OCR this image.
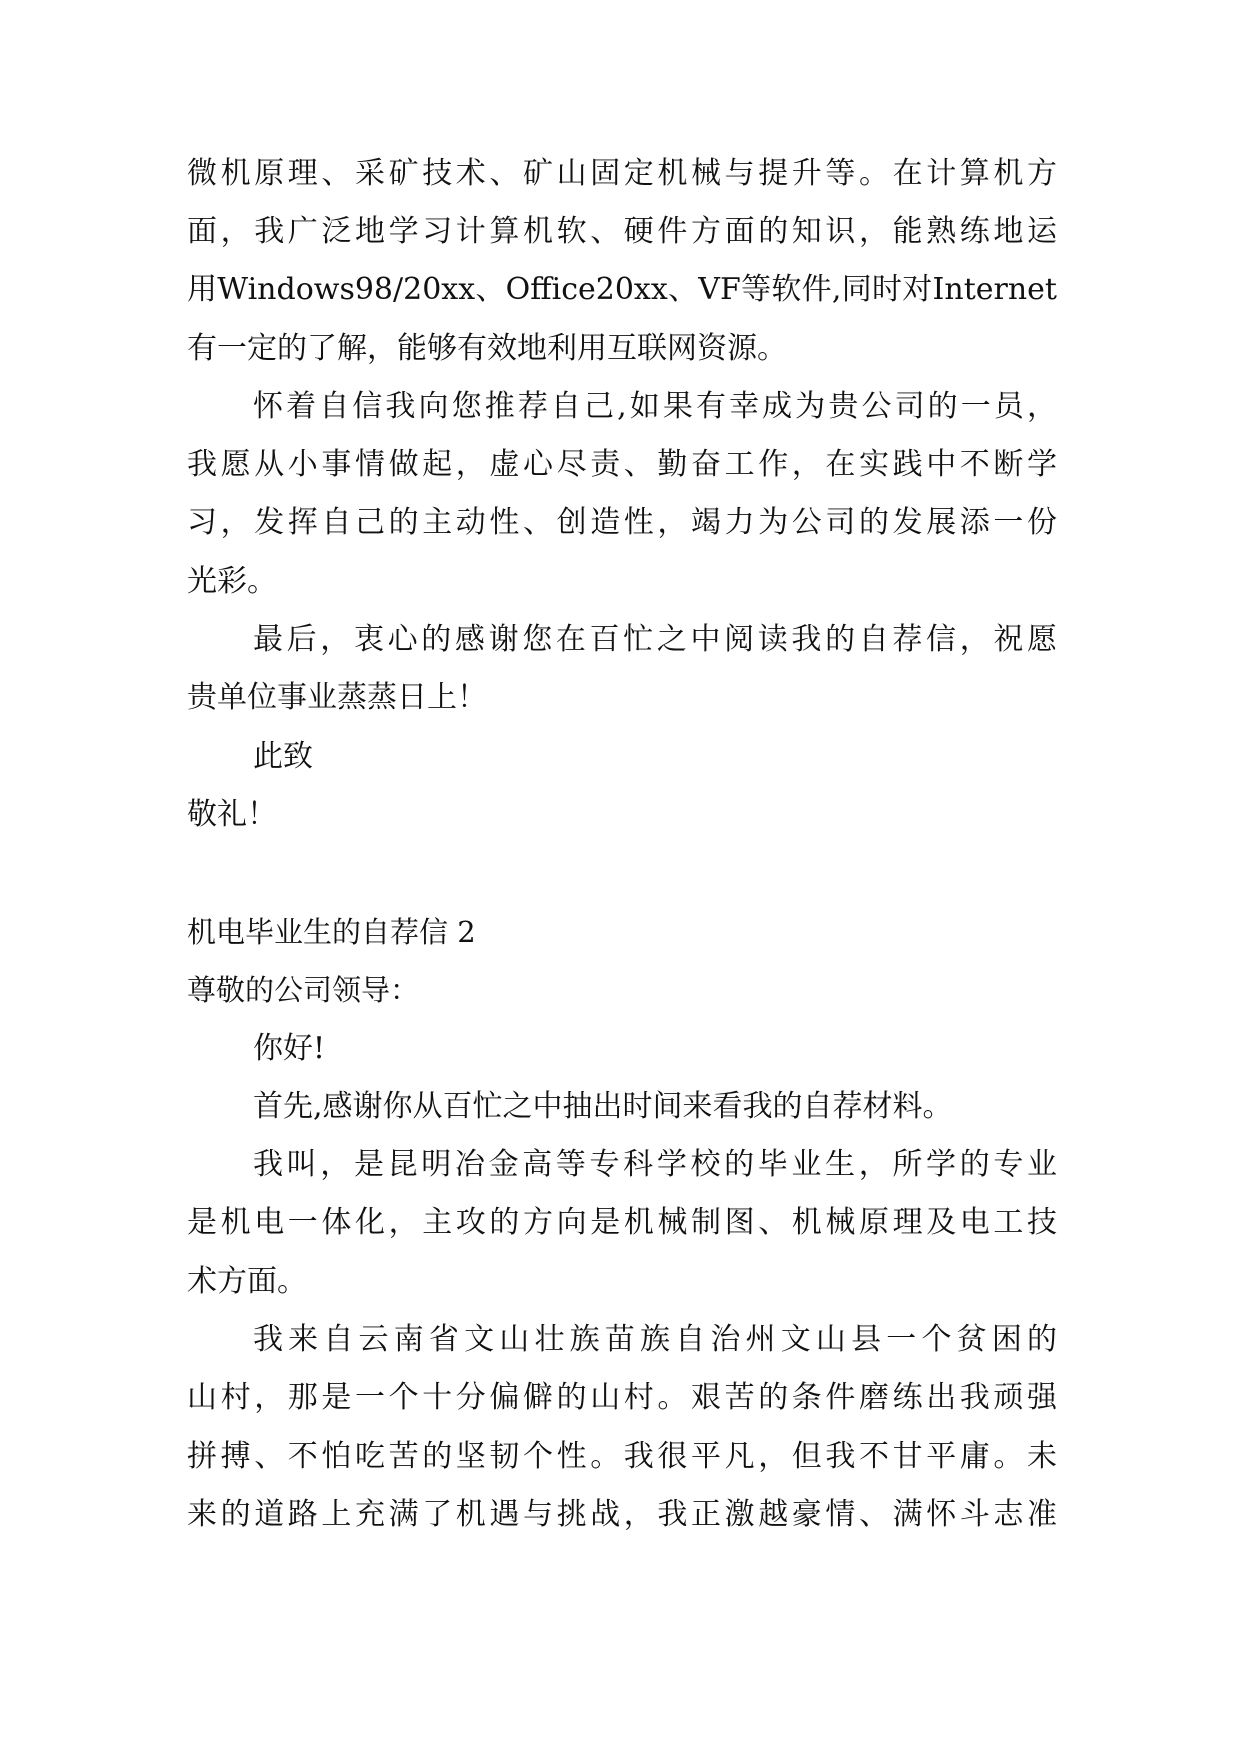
微机原理、采矿技术、矿山固定机械与提升等。在计算机方
面，我广泛地学习计算机软、硬件方面的知识，能熟练地运
用Windows98/20xx、Office20xx、VF等软件,同时对Internet
有一定的了解，能够有效地利用互联网资源。
怀着自信我向您推荐自己,如果有幸成为贵公司的一员，
我愿从小事情做起，虚心尽责、勤奋工作，在实践中不断学
习，发挥自己的主动性、创造性，竭力为公司的发展添一份
光彩。
最后，衷心的感谢您在百忙之中阅读我的自荐信，祝愿
贵单位事业蒸蒸日上！
此致
敬礼！
机电毕业生的自荐信 2
尊敬的公司领导：
你好!
首先,感谢你从百忙之中抽出时间来看我的自荐材料。
我叫，是昆明冶金高等专科学校的毕业生，所学的专业
是机电一体化，主攻的方向是机械制图、机械原理及电工技
术方面。
我来自云南省文山壮族苗族自治州文山县一个贫困的
山村，那是一个十分偏僻的山村。艰苦的条件磨练出我顽强
拼搏、不怕吃苦的坚韧个性。我很平凡，但我不甘平庸。未
来的道路上充满了机遇与挑战，我正激越豪情、满怀斗志准
